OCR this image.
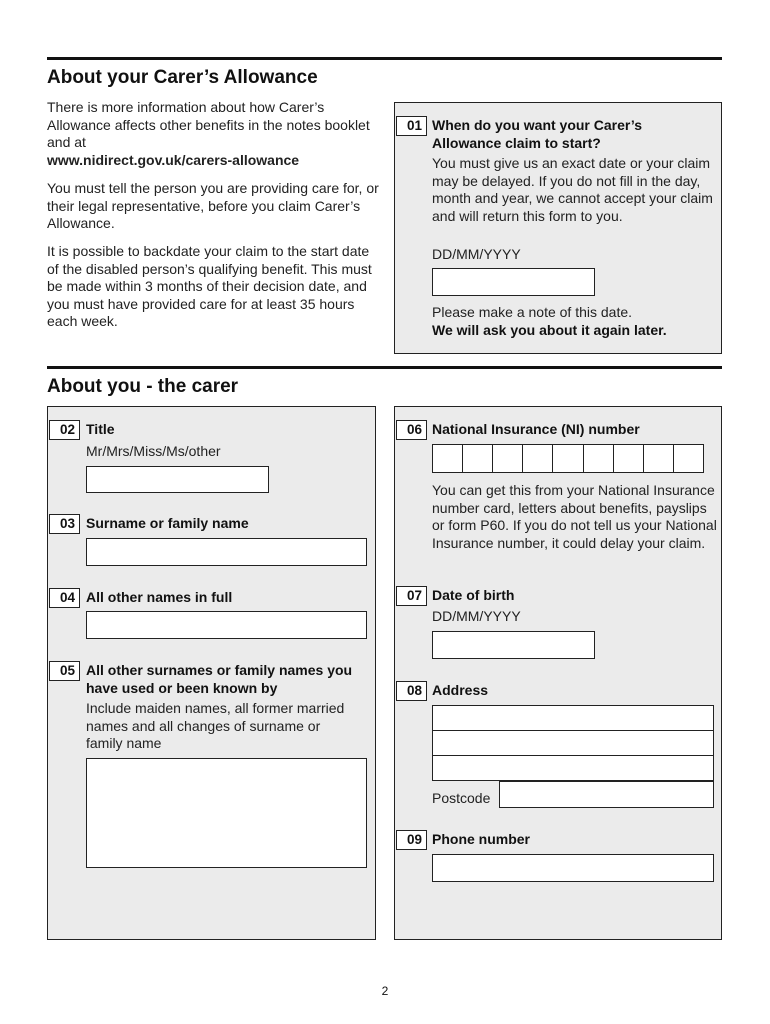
About your Carer’s Allowance
There is more information about how Carer’s Allowance affects other benefits in the notes booklet and at
www.nidirect.gov.uk/carers-allowance
You must tell the person you are providing care for, or their legal representative, before you claim Carer’s Allowance.
It is possible to backdate your claim to the start date of the disabled person’s qualifying benefit. This must be made within 3 months of their decision date, and you must have provided care for at least 35 hours each week.
01 When do you want your Carer’s Allowance claim to start?
You must give us an exact date or your claim may be delayed. If you do not fill in the day, month and year, we cannot accept your claim and will return this form to you.
DD/MM/YYYY
Please make a note of this date.
We will ask you about it again later.
About you - the carer
02 Title
Mr/Mrs/Miss/Ms/other
03 Surname or family name
04 All other names in full
05 All other surnames or family names you have used or been known by
Include maiden names, all former married names and all changes of surname or family name
06 National Insurance (NI) number
You can get this from your National Insurance number card, letters about benefits, payslips or form P60. If you do not tell us your National Insurance number, it could delay your claim.
07 Date of birth
DD/MM/YYYY
08 Address
Postcode
09 Phone number
2
